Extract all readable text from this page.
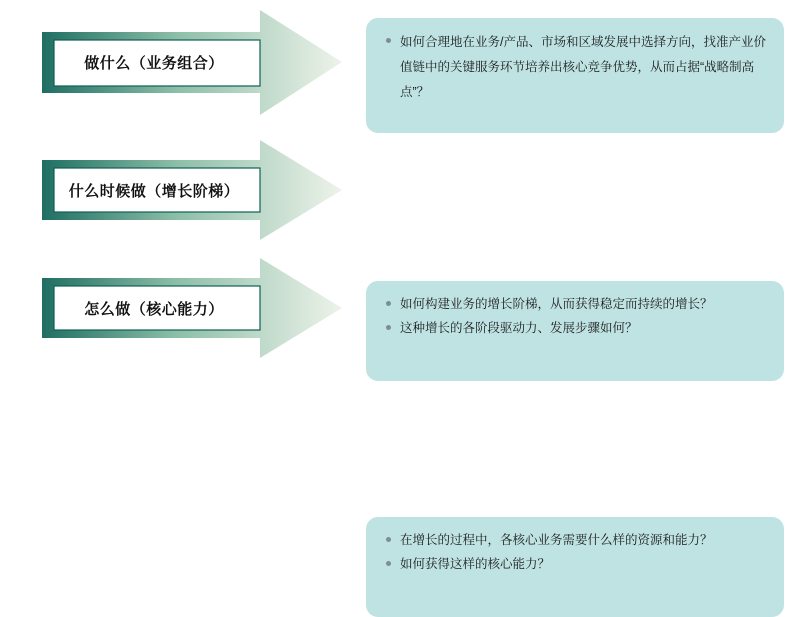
做什么（业务组合）
如何合理地在业务/产品、市场和区域发展中选择方向，找准产业价值链中的关键服务环节培养出核心竞争优势，从而占据“战略制高点”？
什么时候做（增长阶梯）
如何构建业务的增长阶梯，从而获得稳定而持续的增长？
这种增长的各阶段驱动力、发展步骤如何？
怎么做（核心能力）
在增长的过程中，各核心业务需要什么样的资源和能力？
如何获得这样的核心能力？
